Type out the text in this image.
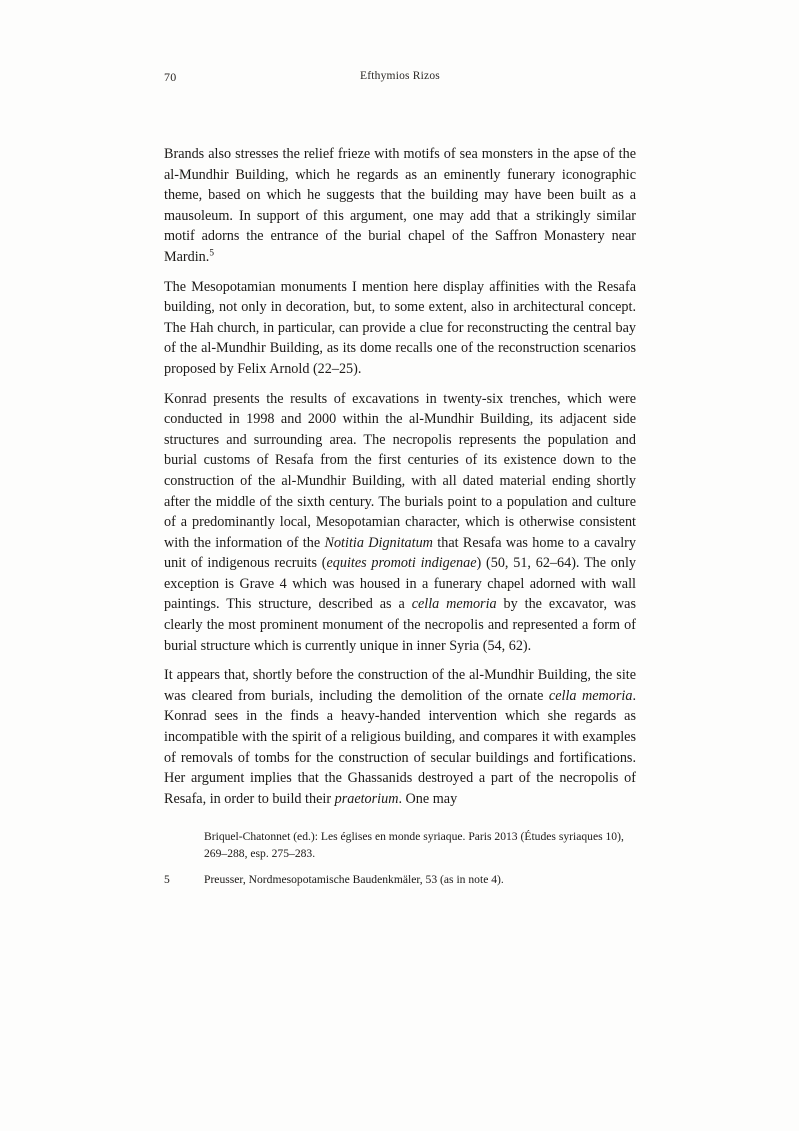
70	Efthymios Rizos

Brands also stresses the relief frieze with motifs of sea monsters in the apse of the al-Mundhir Building, which he regards as an eminently funerary iconographic theme, based on which he suggests that the building may have been built as a mausoleum. In support of this argument, one may add that a strikingly similar motif adorns the entrance of the burial chapel of the Saffron Monastery near Mardin.$^5$

The Mesopotamian monuments I mention here display affinities with the Resafa building, not only in decoration, but, to some extent, also in architectural concept. The Hah church, in particular, can provide a clue for reconstructing the central bay of the al-Mundhir Building, as its dome recalls one of the reconstruction scenarios proposed by Felix Arnold (22–25).

Konrad presents the results of excavations in twenty-six trenches, which were conducted in 1998 and 2000 within the al-Mundhir Building, its adjacent side structures and surrounding area. The necropolis represents the population and burial customs of Resafa from the first centuries of its existence down to the construction of the al-Mundhir Building, with all dated material ending shortly after the middle of the sixth century. The burials point to a population and culture of a predominantly local, Mesopotamian character, which is otherwise consistent with the information of the Notitia Dignitatum that Resafa was home to a cavalry unit of indigenous recruits (equites promoti indigenae) (50, 51, 62–64). The only exception is Grave 4 which was housed in a funerary chapel adorned with wall paintings. This structure, described as a cella memoria by the excavator, was clearly the most prominent monument of the necropolis and represented a form of burial structure which is currently unique in inner Syria (54, 62).

It appears that, shortly before the construction of the al-Mundhir Building, the site was cleared from burials, including the demolition of the ornate cella memoria. Konrad sees in the finds a heavy-handed intervention which she regards as incompatible with the spirit of a religious building, and compares it with examples of removals of tombs for the construction of secular buildings and fortifications. Her argument implies that the Ghassanids destroyed a part of the necropolis of Resafa, in order to build their praetorium. One may

Briquel-Chatonnet (ed.): Les églises en monde syriaque. Paris 2013 (Études syriaques 10), 269–288, esp. 275–283.
5	Preusser, Nordmesopotamische Baudenkmäler, 53 (as in note 4).
